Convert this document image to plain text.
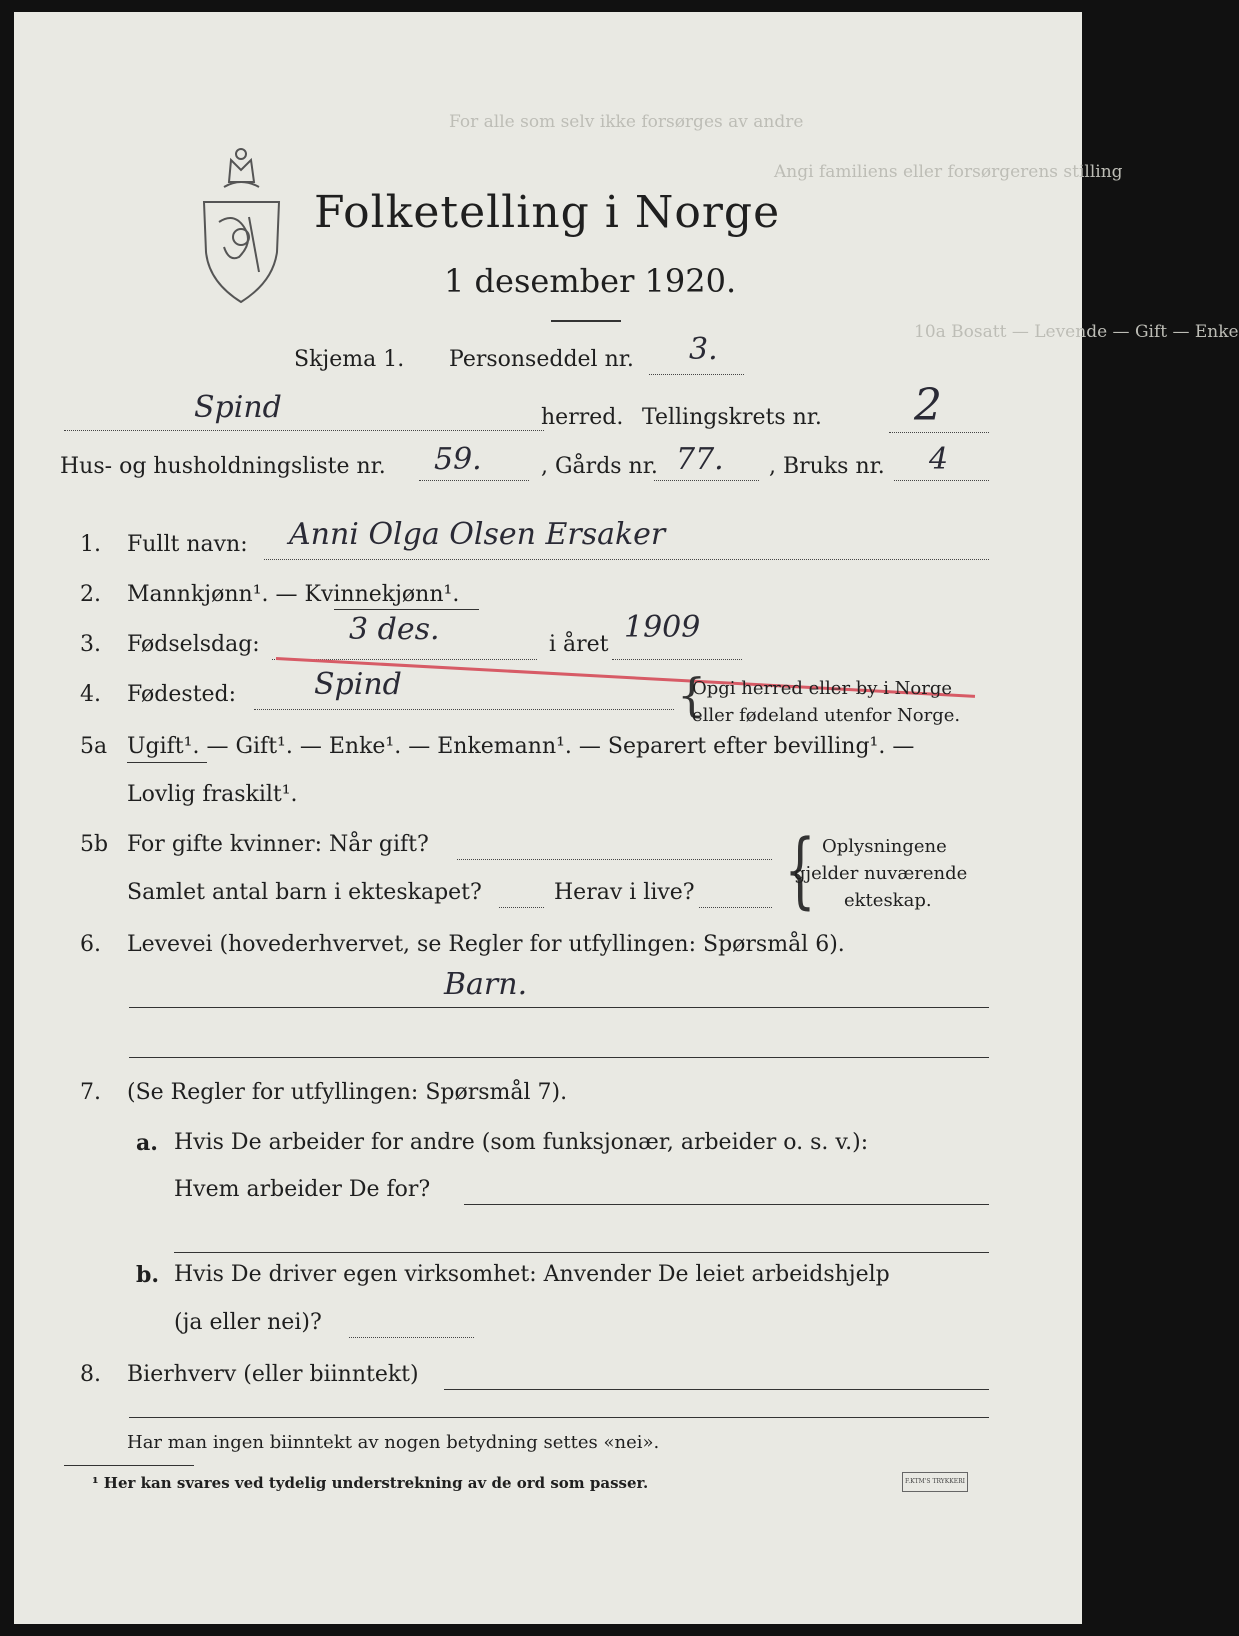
For alle som selv ikke forsørges av andre
Angi familiens eller forsørgerens stilling
10a Bosatt — Levende — Gift — Enke
Folketelling i Norge
1 desember 1920.
Skjema 1. Personseddel nr. 3.
Spind	herred. Tellingskrets nr. 2
Hus- og husholdningsliste nr. 59.	, Gårds nr. 77. , Bruks nr. 4
1. Fullt navn: Anni Olga Olsen Ersaker
2. Mannkjønn¹. — Kvinnekjønn¹.
3. Fødselsdag:	3 des.	i året 1909
4. Fødested:	Spind	{
Opgi herred eller by i Norge
eller fødeland utenfor Norge.
5a Ugift¹. — Gift¹. — Enke¹. — Enkemann¹. — Separert efter bevilling¹. —
Lovlig fraskilt¹.
5b For gifte kvinner: Når gift?
Samlet antal barn i ekteskapet?	Herav i live? { Oplysningene
gjelder nuværende
ekteskap.
6. Levevei (hovederhvervet, se Regler for utfyllingen: Spørsmål 6).
Barn.
7. (Se Regler for utfyllingen: Spørsmål 7).
a. Hvis De arbeider for andre (som funksjonær, arbeider o. s. v.):
Hvem arbeider De for?
b. Hvis De driver egen virksomhet: Anvender De leiet arbeidshjelp
(ja eller nei)?
8. Bierhverv (eller biinntekt)
Har man ingen biinntekt av nogen betydning settes «nei».
¹ Her kan svares ved tydelig understrekning av de ord som passer.	F.KTM'S TRYKKERI
